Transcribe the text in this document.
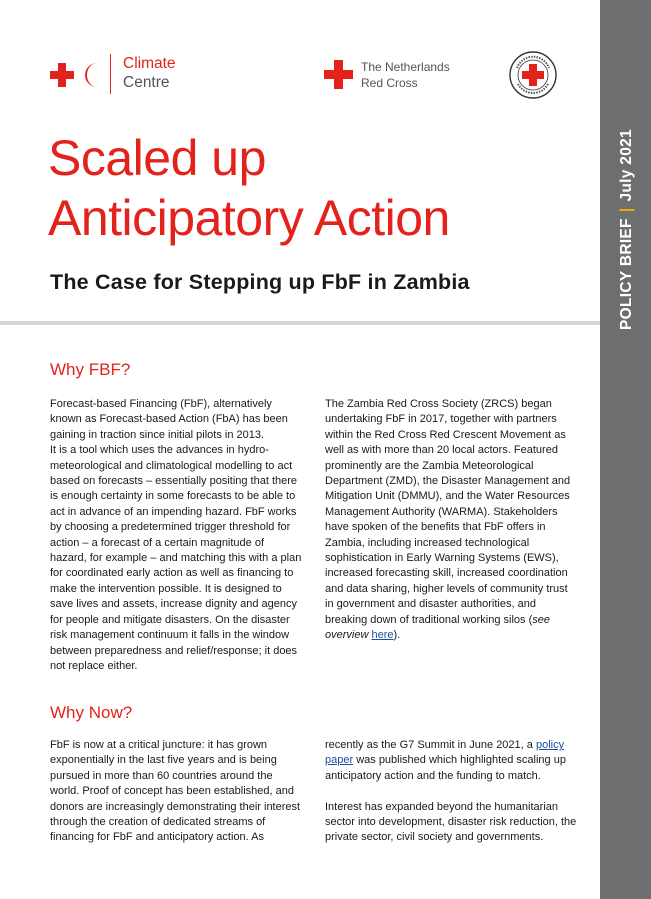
POLICY BRIEF|July 2021
Climate
Centre
The Netherlands
Red Cross
Scaled up
Anticipatory Action
The Case for Stepping up FbF in Zambia
Why FBF?

Forecast-based Financing (FbF), alternatively known as Forecast-based Action (FbA) has been gaining in traction since initial pilots in 2013.

It is a tool which uses the advances in hydro-meteorological and climatological modelling to act based on forecasts – essentially positing that there is enough certainty in some forecasts to be able to act in advance of an impending hazard. FbF works by choosing a predetermined trigger threshold for action – a forecast of a certain magnitude of hazard, for example – and matching this with a plan for coordinated early action as well as financing to make the intervention possible. It is designed to save lives and assets, increase dignity and agency for people and mitigate disasters. On the disaster risk management continuum it falls in the window between preparedness and relief/response; it does not replace either.

The Zambia Red Cross Society (ZRCS) began undertaking FbF in 2017, together with partners within the Red Cross Red Crescent Movement as well as with more than 20 local actors. Featured prominently are the Zambia Meteorological Department (ZMD), the Disaster Management and Mitigation Unit (DMMU), and the Water Resources Management Authority (WARMA). Stakeholders have spoken of the benefits that FbF offers in Zambia, including increased technological sophistication in Early Warning Systems (EWS), increased forecasting skill, increased coordination and data sharing, higher levels of community trust in government and disaster authorities, and breaking down of traditional working silos (see overview here).

Why Now?

FbF is now at a critical juncture: it has grown exponentially in the last five years and is being pursued in more than 60 countries around the world. Proof of concept has been established, and donors are increasingly demonstrating their interest through the creation of dedicated streams of financing for FbF and anticipatory action. As

recently as the G7 Summit in June 2021, a policy paper was published which highlighted scaling up anticipatory action and the funding to match.

Interest has expanded beyond the humanitarian sector into development, disaster risk reduction, the private sector, civil society and governments.
